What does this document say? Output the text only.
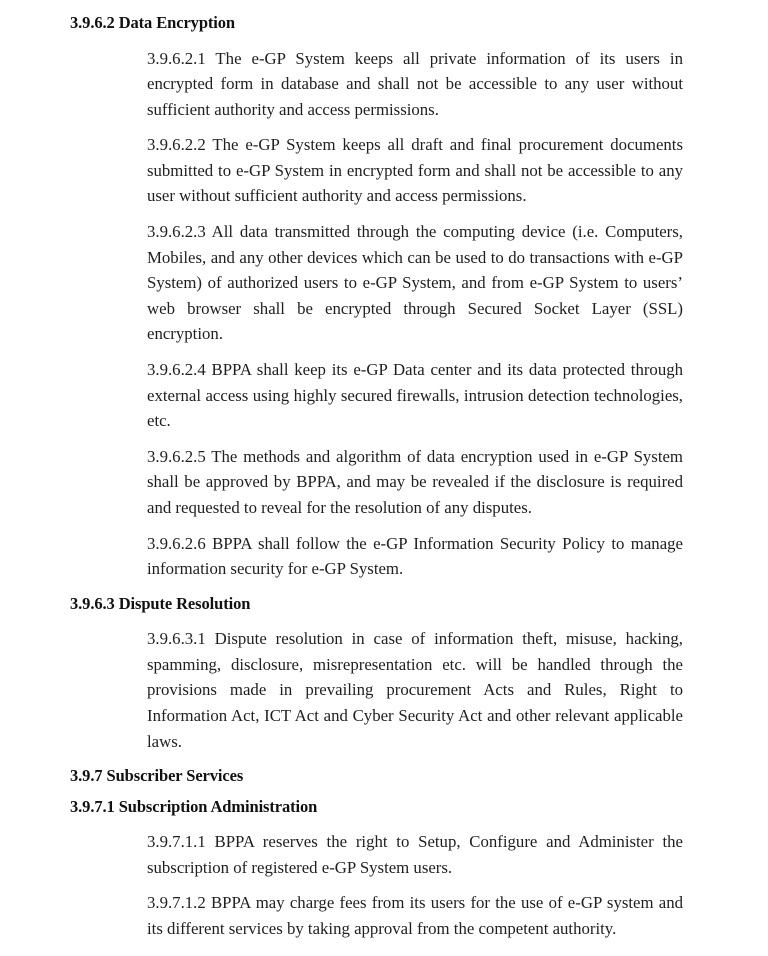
3.9.6.2 Data Encryption

3.9.6.2.1 The e-GP System keeps all private information of its users in encrypted form in database and shall not be accessible to any user without sufficient authority and access permissions.

3.9.6.2.2 The e-GP System keeps all draft and final procurement documents submitted to e-GP System in encrypted form and shall not be accessible to any user without sufficient authority and access permissions.

3.9.6.2.3 All data transmitted through the computing device (i.e. Computers, Mobiles, and any other devices which can be used to do transactions with e-GP System) of authorized users to e-GP System, and from e-GP System to users’ web browser shall be encrypted through Secured Socket Layer (SSL) encryption.

3.9.6.2.4 BPPA shall keep its e-GP Data center and its data protected through external access using highly secured firewalls, intrusion detection technologies, etc.

3.9.6.2.5 The methods and algorithm of data encryption used in e-GP System shall be approved by BPPA, and may be revealed if the disclosure is required and requested to reveal for the resolution of any disputes.

3.9.6.2.6 BPPA shall follow the e-GP Information Security Policy to manage information security for e-GP System.

3.9.6.3 Dispute Resolution

3.9.6.3.1 Dispute resolution in case of information theft, misuse, hacking, spamming, disclosure, misrepresentation etc. will be handled through the provisions made in prevailing procurement Acts and Rules, Right to Information Act, ICT Act and Cyber Security Act and other relevant applicable laws.

3.9.7 Subscriber Services
3.9.7.1 Subscription Administration

3.9.7.1.1 BPPA reserves the right to Setup, Configure and Administer the subscription of registered e-GP System users.

3.9.7.1.2 BPPA may charge fees from its users for the use of e-GP system and its different services by taking approval from the competent authority.
